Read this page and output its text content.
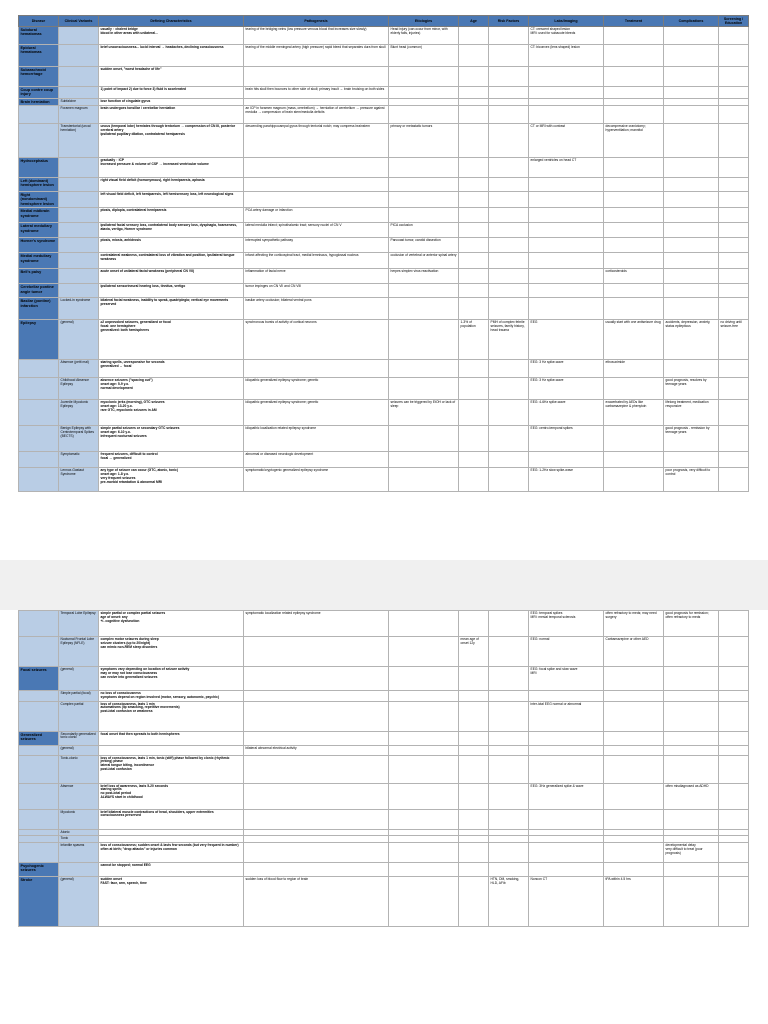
Disease	Clinical Variants	Defining Characteristics	Pathogenesis	Etiologies	Age	Risk Factors	Labs/Imaging	Treatment	Complications	Screening / Education
Subdural hematomas		usually ↑ chalent bridge
blood in other areas with unilateral...	tearing of the bridging veins (low pressure venous blood that increases size slowly)	Head injury (can occur from minor, with elderly falls, injuries)			CT: crescent shaped lesion
MRI: used for subacute bleeds			
Epidural hematomas		brief unconsciousness... lucid interval → headaches, declining consciousness	tearing of the middle meningeal artery (high pressure) rapid bleed that separates dura from skull	Blunt head (common)			CT: biconvex (lens shaped) lesion			
Subarachnoid hemorrhage		sudden onset, "worst headache of life"								
Coup contre coup injury		1) point of impact 2) due to force 3) fluid is accelerated	brain hits skull then bounces to other side of skull; primary insult → brain bruising on both sides							
Brain herniation	Subfalcine	lose function of cingulate gyrus								
	Foramen magnum	brain undergoes tonsillar / cerebellar herniation	an ICP in foramen magnum (mass, cerebellum) → herniation of cerebellum → pressure against medulla → compression of brain stem/medulla deficits							
	Transtentorial (uncal herniation)	uncus (temporal lobe) herniates through tentorium → compression of CN III, posterior cerebral artery
ipsilateral pupillary dilation, contralateral hemiparesis	descending parahippocampal gyrus through tentorial notch; may compress brainstem	primary or metastatic tumors			CT or MRI with contrast	decompressive craniotomy; hyperventilation; mannitol		
Hydrocephalus		gradually ↑ ICP
increased pressure & volume of CSF → increased ventricular volume					enlarged ventricles on head CT			
Left (dominant) hemisphere lesion		right visual field deficit (homonymous), right hemiparesis, aphasia								
Right (nondominant) hemisphere lesion		left visual field deficit, left hemiparesis, left hemisensory loss, left neurological signs								
Medial midbrain syndrome		ptosis, diplopia, contralateral hemiparesis	PCA artery damage or infarction							
Lateral medullary syndrome		ipsilateral facial sensory loss, contralateral body sensory loss, dysphagia, hoarseness, ataxia, vertigo, Horner syndrome	lateral medulla infarct; spinothalamic tract; sensory nuclei of CN V	PICA occlusion						
Horner's syndrome		ptosis, miosis, anhidrosis	interrupted sympathetic pathway	Pancoast tumor, carotid dissection						
Medial medullary syndrome		contralateral weakness, contralateral loss of vibration and position, ipsilateral tongue weakness	infarct affecting the corticospinal tract, medial lemniscus, hypoglossal nucleus	occlusion of vertebral or anterior spinal artery						
Bell's palsy		acute onset of unilateral facial weakness (peripheral CN VII)	inflammation of facial nerve	herpes simplex virus reactivation				corticosteroids		
Cerebellar pontine angle tumor		ipsilateral sensorineural hearing loss, tinnitus, vertigo	tumor impinges on CN VII and CN VIII							
Basilar (pontine) infarction	Locked-in syndrome	bilateral facial weakness, inability to speak, quadriplegia; vertical eye movements preserved	basilar artery occlusion; bilateral ventral pons							
Epilepsy	(general)	≥2 unprovoked seizures, generalized or focal
focal: one hemisphere
generalized: both hemispheres	synchronous bursts of activity of cortical neurons		1-3% of population	PMH of complex febrile seizures, family history, head trauma	EEG	usually start with one antiseizure drug	accidents, depression, anxiety, status epilepticus	no driving until seizure-free
	Absence (petit mal)	staring spells, unresponsive for seconds
generalized ↔ focal					EEG: 3 Hz spike-wave	ethosuximide		
	Childhood Absence Epilepsy	absence seizures ("spacing out")
onset age: 5-9 y.o.
normal development	idiopathic generalized epilepsy syndrome; genetic				EEG: 3 Hz spike-wave		good prognosis, resolves by teenage years	
	Juvenile Myoclonic Epilepsy	myoclonic jerks (morning), GTC seizures
onset age: 13-20 y.o.
rare GTC, myoclonic seizures in AM	idiopathic generalized epilepsy syndrome; genetic	seizures can be triggered by EtOH or lack of sleep			EEG: 4-6Hz spike-wave	exacerbated by AEDs like carbamazepine & phenytoin	lifelong treatment, medication responsive	
	Benign Epilepsy with Centrotemporal Spikes (BECTS)	simple partial seizures or secondary GTC seizures
onset age: 6-10 y.o.
infrequent nocturnal seizures	idiopathic localization related epilepsy syndrome				EEG: centro-temporal spikes		good prognosis - remission by teenage years	
	Symptomatic	frequent seizures, difficult to control
focal ↔ generalized	abnormal or diseased neurologic development							
	Lennox-Gastaut Syndrome	any type of seizure can occur (GTC, atonic, tonic)
onset age: 1-8 y.o.
very frequent seizures
pre-morbid retardation & abnormal MRI	symptomatic/cryptogenic generalized epilepsy syndrome				EEG: 1-2Hz slow spike-wave		poor prognosis, very difficult to control	
	Temporal Lobe Epilepsy	simple partial or complex partial seizures
age of onset: any
+/- cognitive dysfunction	symptomatic localization related epilepsy syndrome				EEG: temporal spikes
MRI: mesial temporal sclerosis	often refractory to meds; may need surgery	good prognosis for remission; often refractory to meds	
	Nocturnal Frontal Lobe Epilepsy (NFLE)	complex motor seizures during sleep
seizure clusters (up to 20/night)
can mimic non-REM sleep disorders			mean age of onset 12y		EEG: normal	Carbamazepine or other AED		
Focal seizures	(general)	symptoms vary depending on location of seizure activity
may or may not lose consciousness
can evolve into generalized seizures					EEG: focal spike and slow wave
MRI			
	Simple partial (focal)	no loss of consciousness
symptoms depend on region involved (motor, sensory, autonomic, psychic)								
	Complex partial	loss of consciousness, lasts 1 min
automatisms (lip smacking, repetitive movements)
post-ictal confusion or weakness					inter-ictal EEG normal or abnormal			
Generalized seizures	Secondarily generalized tonic clonic	focal onset that then spreads to both hemispheres								
	(general)		bilateral abnormal electrical activity							
	Tonic-clonic	loss of consciousness, lasts 1 min, tonic (stiff) phase followed by clonic (rhythmic jerking) phase
lateral tongue biting, incontinence
post-ictal confusion								
	Absence	brief loss of awareness, lasts 5-20 seconds
staring spells
no post-ictal period
ALWAYS start in childhood					EEG: 3Hz generalized spike & wave		often misdiagnosed as ADHD	
	Myoclonic	brief bilateral muscle contractions of head, shoulders, upper extremities
consciousness preserved								
	Atonic									
	Tonic									
	Infantile spasms	loss of consciousness; sudden onset & lasts few seconds (but very frequent in number)
often at birth; "drop attacks" or injuries common							developmental delay
very difficult to treat (poor prognosis)	
Psychogenic seizures		cannot be stopped; normal EEG								
Stroke	(general)	sudden onset
FAST: face, arm, speech, time	sudden loss of blood flow to region of brain			HTN, DM, smoking, HLD, AFib	Noncon CT	tPA within 4.5 hrs		
